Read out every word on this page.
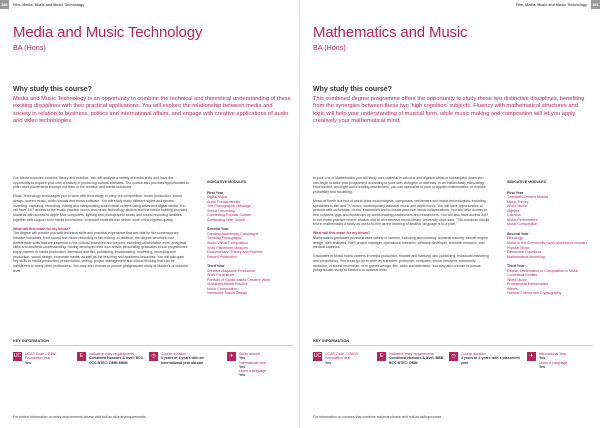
380	Film, Media, Music and Music Technology
Media and Music Technology
BA (Hons)
Why study this course?
Media and Music Technology is an opportunity to combine the technical and theoretical understanding of these exciting disciplines with their practical applications. You will explore the relationship between media and society in relation to business, politics and international affairs, and engage with creative applications of audio and video technologies.

Our Media modules combine theory and practice. You will analyse a variety of media texts and have the opportunity to explore your own creativity in producing cultural artefacts. The course also provides opportunities to enter work placements through our links to the creative and media industries.

Music Technology encourages you to work with technology to carry out composition, music production, sound design, screen music, audio-visuals and music software. You will study many different styles and genres, inventing, capturing, recording, mixing and manipulating audio/visual content using advanced digital media. You will have 24/7 access to the music practice rooms and music technology studios and the media building provides students with access to Apple Mac computers, lighting and photographic studio and sound recording facilities, together with support from media technicians, to ensure students can deliver work of the highest quality.

What will this mean for my future?

The degree will provide you with technical skills and practical experience that are vital for the contemporary creative industries, from sound and music recording to film editing. In addition, the degree develops core transferable skills that are essential to the cultural industries and beyond, including collaborative work, analytical skills and aesthetic understanding. Having developed their own artistic personality, graduates of our programmes enjoy careers in media production, television and film, publishing, broadcasting, marketing, recording and production, sound design, corporate media, as well as the teaching and academic industries. You will also gain key skills in media production, presentation, writing, project management and critical thinking that can be transferred to many other professions. You may also choose to pursue postgraduate study at Master's or doctoral level.

INDICATIVE MODULES
First Year
Digital Video
Audio Fundamentals
The Photographic Message
Sound Recording
Connecting Popular Culture
Composing With Sound
Second Year
Creating Awareness Campaigns
Thinking Photography
Audio-Visual Composition
Work Placement Modules
Documentary: Theory and Practice
Record Production
Third Year
Creative Magazine Production
Work Experience
Portfolio of Studio-based Creative Work
Sustained Media Practice
Music Composition
Interactive Sound Design
KEY INFORMATION
UC UCAS Code – P3W
Foundation Year
Yes
E	Indicative entry requirements
Combined Honours A level: BCC-CCC BTEC: DMM-MMM
◷	Course duration
3 years or 4 years with an international year abroad
✈	Study abroad
Yes
International Year
Yes
Learn a language
Yes
For further information on entry requirements please visit hull.ac.uk/entryrequirements
Film, Media, Music and Music Technology	381
Mathematics and Music
BA (Hons)
Why study this course?
This combined degree programme offers the opportunity to study these two distinctive disciplines, benefiting from the synergies between these two 'high cognition' subjects. Fluency with mathematical structures and logic will help your understanding of musical form, while music making and composition will let you apply creatively your mathematical mind.

In your one in Mathematics you will study core material in calculus and algebra whilst in subsequent years you can begin to tailor your programme according to your own strengths or interests. In an intellectually stimulating environment, amongst world-leading researchers, you can specialise in pure or applied mathematics, or explore probability and modelling.

Music at Keele is a hub of world-class musicologists, composers, performers and music technologists, including specialists in film and TV music, contemporary classical music and world music. You will have opportunities to perform with orchestras, choirs, ensembles and to create your own music collaborations. You will have access to free concerts, gigs and workshops by world-leading practitioners and researchers. You will also have access 24/7 to our music practice rooms, studios and to an extensive music library. University once said, "The musician should find in mathematics a study as useful to him as the learning of another language is to a poet."

What will this mean for my future?

Mathematics graduates pursue a wide variety of careers, including accountancy, actuarial training, aircraft engine design, web analytics, NHS project manager, operational research, software developer, scientific research, and medical statistics.

Graduates in Music follow careers in media production, finance and banking, law, publishing, broadcast marketing and consultancy. You could go on to work as a teacher, performer, composer, music therapist, community musician, or sound technician, or in games design, film, radio and television. You may also choose to pursue postgraduate study at Master's or doctoral level.

INDICATIVE MODULES
First Year
Twentieth-Century Musics
Music Theory
World Music
Algebra
Calculus
Music Performance
Music Composition
Second Year
Ethnology
Music in the Community (work placement module)
Popular Music
Differential Equations
Mathematical Modelling
Third Year
Recital, Dissertation or Composition in Music
Contextual Studies
World Music
Professional Mathematics
Waves
Number Theory and Cryptography
KEY INFORMATION
UC UCAS Code – GW13
Foundation Year
Yes
E	Indicative entry requirements
Combined Honours A level: BBB-BCC BTEC: DMM
◷	Course duration
3 years or 4 years with a placement year
✈	International Year
Yes
Learn a Language
Yes
For information on courses that combine subjects please visit hull.ac.uk/logcourses
